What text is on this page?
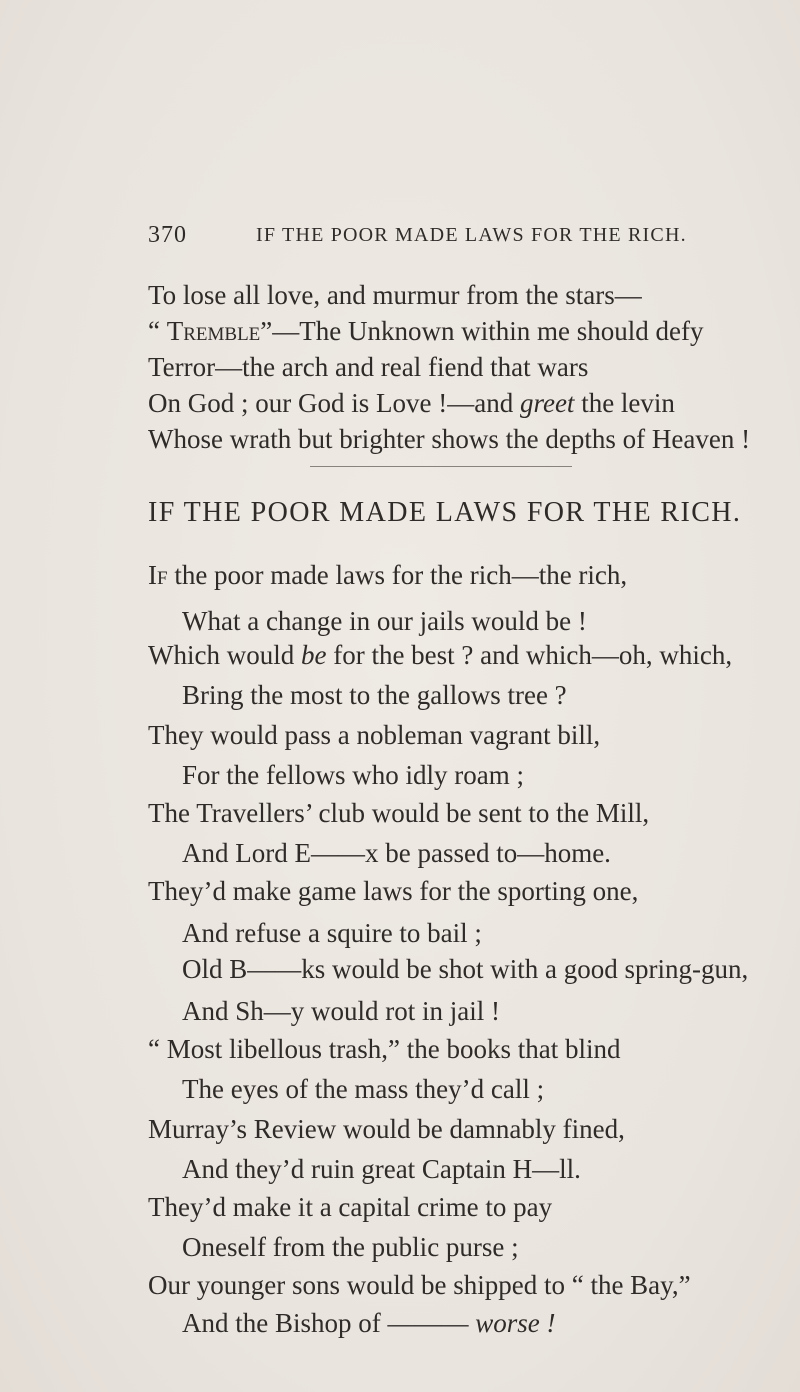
370	IF THE POOR MADE LAWS FOR THE RICH.
To lose all love, and murmur from the stars—
“ Tremble”—The Unknown within me should defy
Terror—the arch and real fiend that wars
On God ; our God is Love !—and greet the levin
Whose wrath but brighter shows the depths of Heaven !
IF THE POOR MADE LAWS FOR THE RICH.
If the poor made laws for the rich—the rich,
What a change in our jails would be !
Which would be for the best ? and which—oh, which,
Bring the most to the gallows tree ?
They would pass a nobleman vagrant bill,
For the fellows who idly roam ;
The Travellers’ club would be sent to the Mill,
And Lord E——x be passed to—home.
They’d make game laws for the sporting one,
And refuse a squire to bail ;
Old B——ks would be shot with a good spring-gun,
And Sh—y would rot in jail !
“ Most libellous trash,” the books that blind
The eyes of the mass they’d call ;
Murray’s Review would be damnably fined,
And they’d ruin great Captain H—ll.
They’d make it a capital crime to pay
Oneself from the public purse ;
Our younger sons would be shipped to “ the Bay,”
And the Bishop of ——— worse !
